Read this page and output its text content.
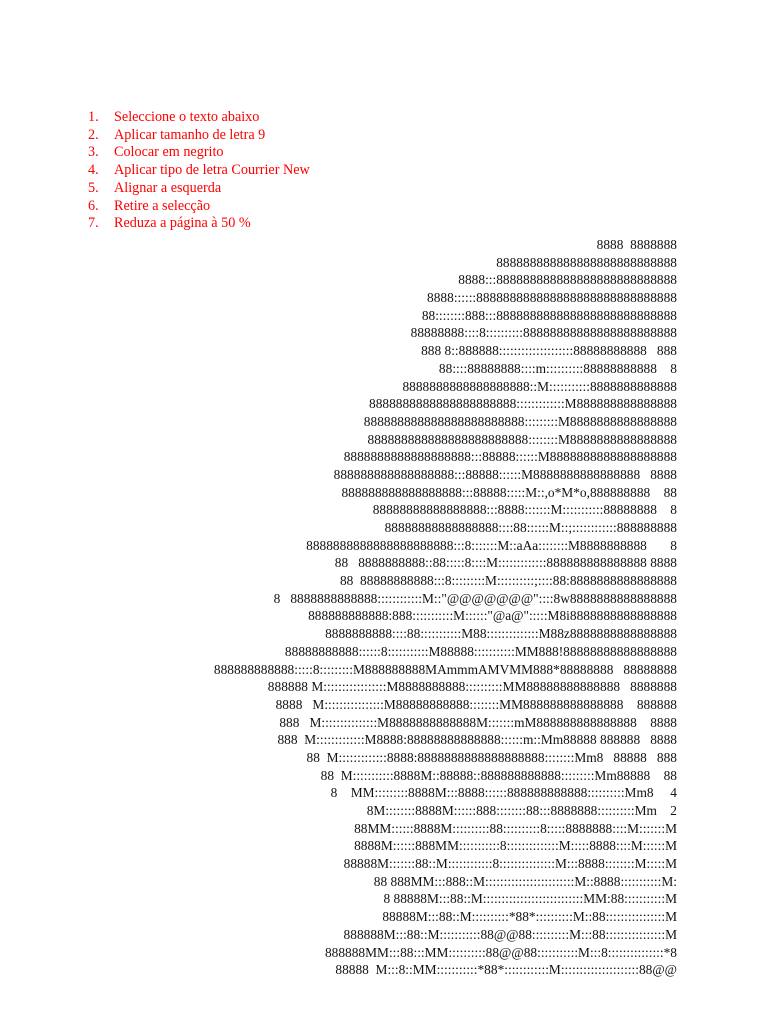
1. Seleccione o texto abaixo
2. Aplicar tamanho de letra 9
3. Colocar em negrito
4. Aplicar tipo de letra Courrier New
5. Alignar a esquerda
6. Retire a selecção
7. Reduza a página à 50 %
8888  8888888
888888888888888888888888888
8888:::888888888888888888888888888
8888::::::888888888888888888888888888888
88::::::::888:::888888888888888888888888888
88888888::::8::::::::::88888888888888888888888
888 8::888888::::::::::::::::::::88888888888   888
88::::88888888::::m::::::::::88888888888    8
8888888888888888888::M:::::::::::8888888888888
8888888888888888888888:::::::::::::M888888888888888
888888888888888888888888:::::::::M8888888888888888
888888888888888888888888::::::::M8888888888888888
8888888888888888888:::88888::::::M8888888888888888888
888888888888888888:::88888::::::M8888888888888888   8888
888888888888888888:::88888:::::M::,o*M*o,888888888    88
88888888888888888:::8888:::::::M:::::::::::88888888    8
88888888888888888::::88::::::M::;::::::::::::888888888
8888888888888888888888:::8:::::::M::aAa::::::::M8888888888       8
88   8888888888::88:::::8::::M:::::::::::::888888888888888 8888
88  88888888888:::8:::::::::M::::::::::;::::88:8888888888888888
8   8888888888888::::::::::::M::"@@@@@@@"::::8w8888888888888888
888888888888:888:::::::::::M::::::"@a@":::::M8i8888888888888888
8888888888::::88:::::::::::M88::::::::::::::M88z8888888888888888
88888888888::::::8:::::::::::M88888:::::::::::MM888!88888888888888888
888888888888:::::8:::::::::M888888888MAmmmAMVMM888*88888888   88888888
888888 M:::::::::::::::::M8888888888::::::::::MM88888888888888   8888888
8888   M::::::::::::::::M88888888888::::::::MM888888888888888    888888
888   M:::::::::::::::M8888888888888M:::::::mM888888888888888    8888
888  M:::::::::::::M8888:88888888888888::::::m::Mm88888 888888   8888
88  M:::::::::::::8888:8888888888888888888::::::::Mm8   88888   888
88  M:::::::::::8888M::88888::888888888888:::::::::Mm88888    88
8    MM:::::::::8888M:::8888::::::888888888888::::::::::Mm8     4
8M::::::::8888M::::::888::::::::88:::8888888::::::::::Mm    2
88MM::::::8888M::::::::::88::::::::::8:::::8888888::::M:::::::M
8888M::::::888MM:::::::::::8::::::::::::::M:::::8888::::M::::::M
88888M:::::::88::M::::::::::::8:::::::::::::::M:::8888::::::::M:::::M
88 888MM:::888::M::::::::::::::::::::::::M::8888:::::::::::M:
8 88888M:::88::M:::::::::::::::::::::::::::MM:88:::::::::::M
88888M:::88::M::::::::::*88*::::::::::M::88::::::::::::::::M
888888M:::88::M:::::::::::88@@88::::::::::M:::88::::::::::::::::M
888888MM:::88:::MM::::::::::88@@88:::::::::::M:::8:::::::::::::::*8
88888  M:::8::MM:::::::::::*88*::::::::::::M:::::::::::::::::::::88@@
